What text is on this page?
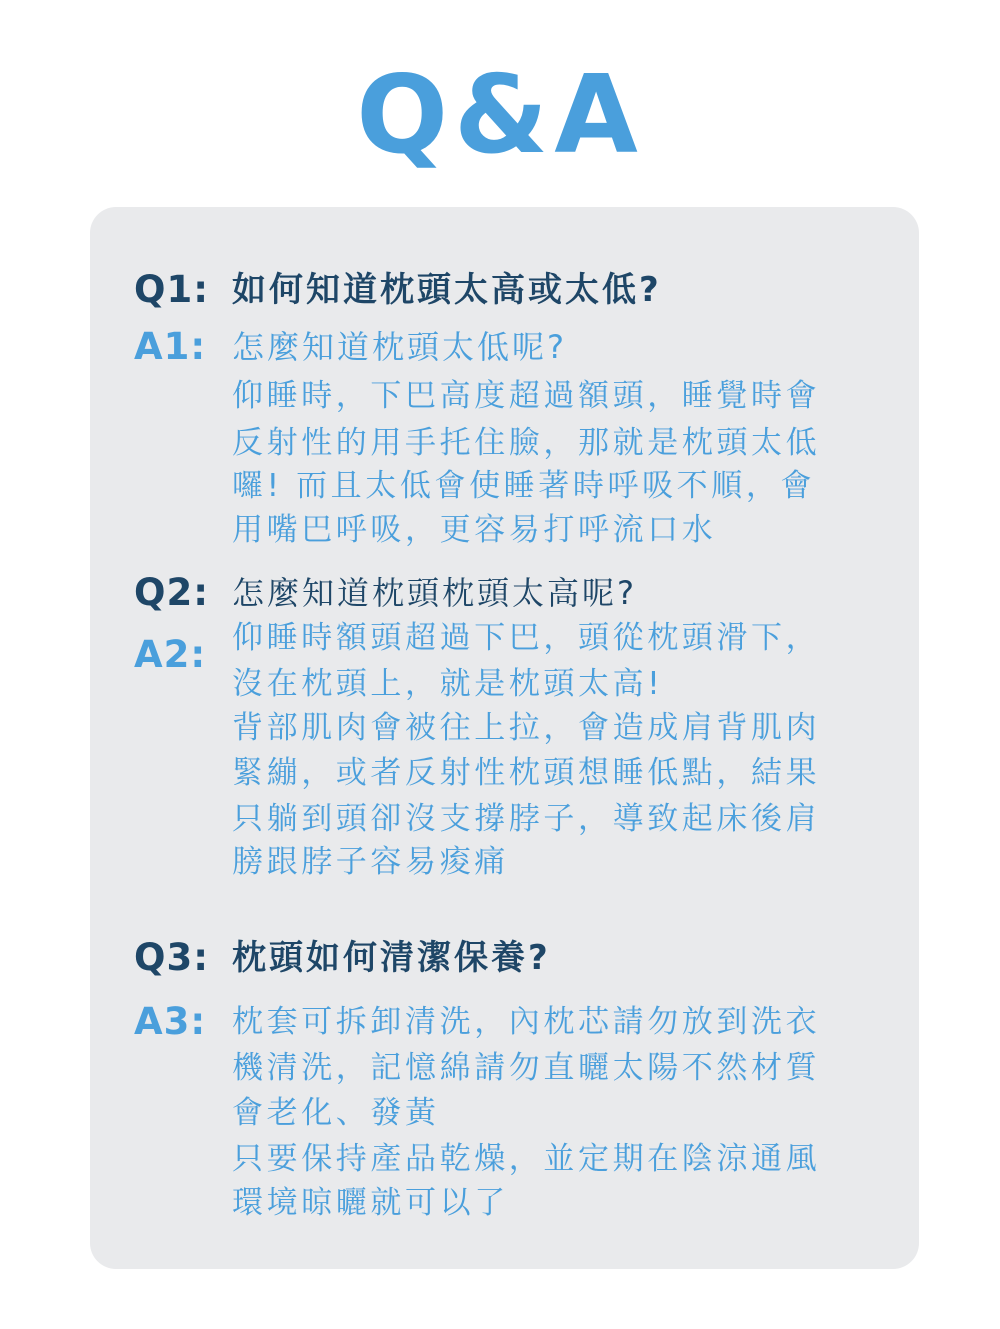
Q&A
Q1: 如何知道枕頭太高或太低?
A1: 怎麼知道枕頭太低呢?
仰睡時，下巴高度超過額頭，睡覺時會
反射性的用手托住臉，那就是枕頭太低
囉! 而且太低會使睡著時呼吸不順，會
用嘴巴呼吸，更容易打呼流口水
Q2: 怎麼知道枕頭枕頭太高呢?
A2: 仰睡時額頭超過下巴，頭從枕頭滑下，
沒在枕頭上，就是枕頭太高!
背部肌肉會被往上拉，會造成肩背肌肉
緊繃，或者反射性枕頭想睡低點，結果
只躺到頭卻沒支撐脖子，導致起床後肩
膀跟脖子容易痠痛
Q3: 枕頭如何清潔保養?
A3: 枕套可拆卸清洗，內枕芯請勿放到洗衣
機清洗，記憶綿請勿直曬太陽不然材質
會老化、發黃
只要保持產品乾燥，並定期在陰涼通風
環境晾曬就可以了
